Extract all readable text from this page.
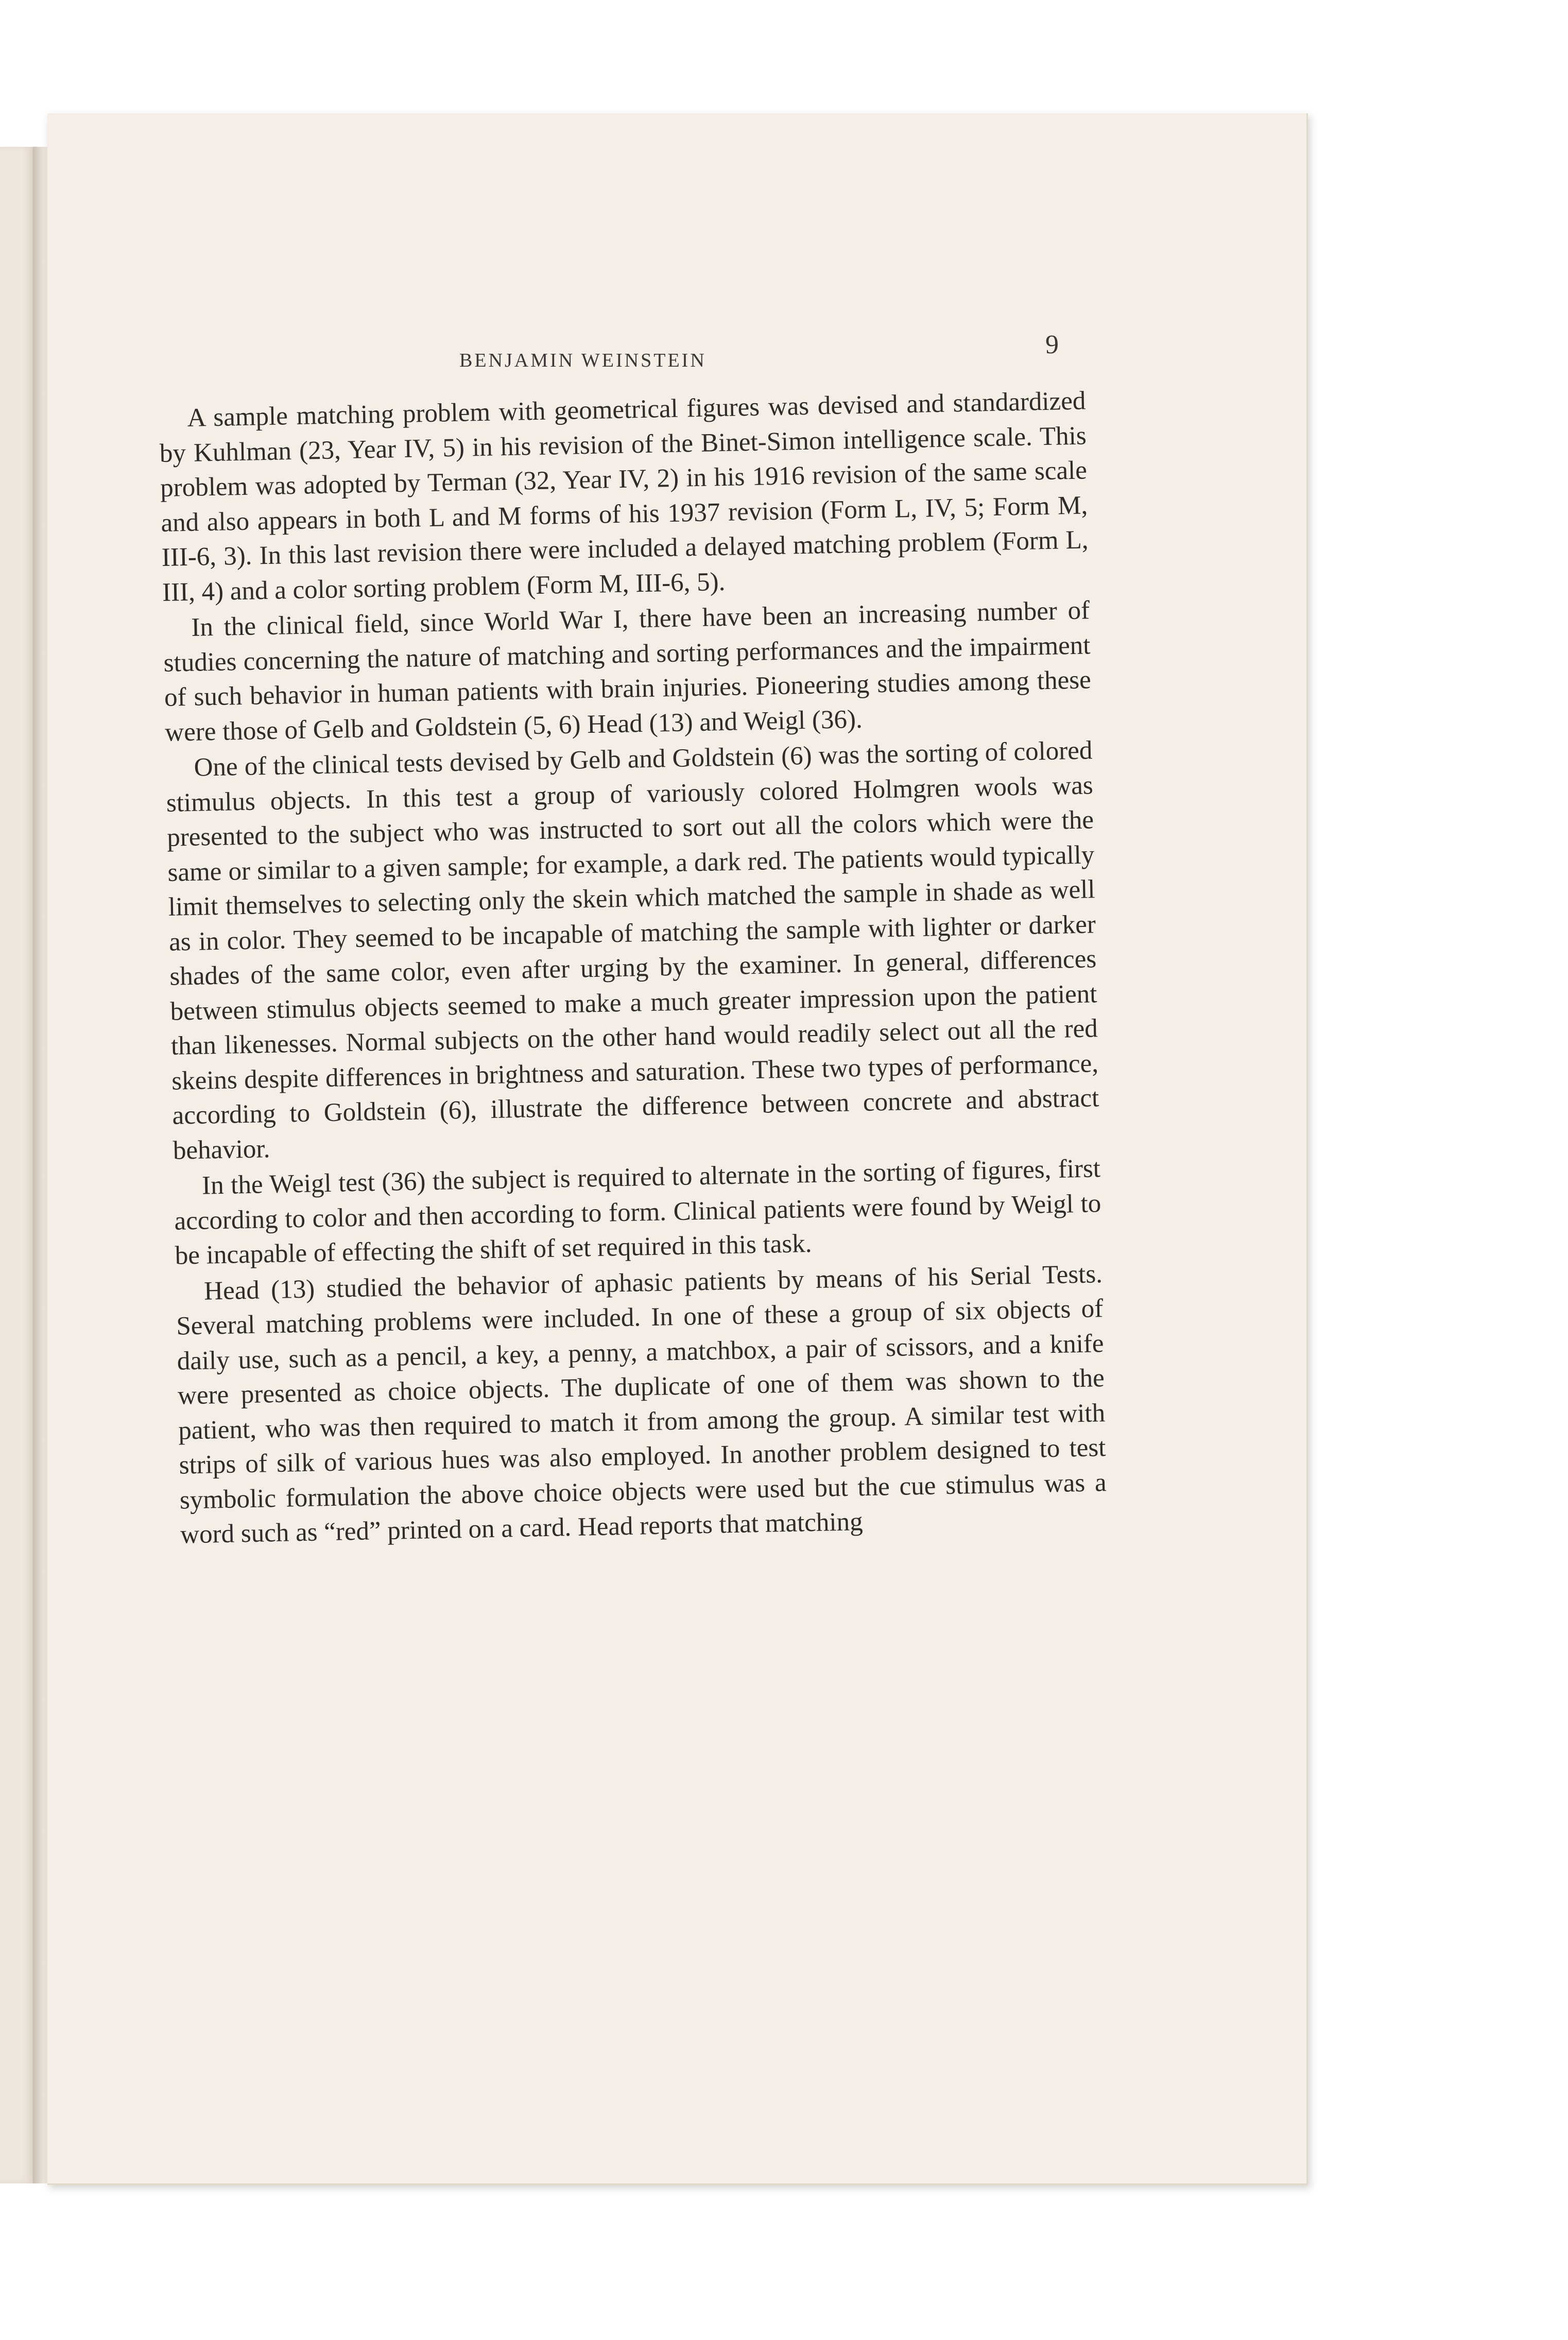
BENJAMIN WEINSTEIN
9

A sample matching problem with geometrical figures was devised and standardized by Kuhlman (23, Year IV, 5) in his revision of the Binet-Simon intelligence scale. This problem was adopted by Terman (32, Year IV, 2) in his 1916 revision of the same scale and also appears in both L and M forms of his 1937 revision (Form L, IV, 5; Form M, III-6, 3). In this last revision there were included a delayed matching problem (Form L, III, 4) and a color sorting problem (Form M, III-6, 5).

In the clinical field, since World War I, there have been an increasing number of studies concerning the nature of matching and sorting performances and the impairment of such behavior in human patients with brain injuries. Pioneering studies among these were those of Gelb and Goldstein (5, 6) Head (13) and Weigl (36).

One of the clinical tests devised by Gelb and Goldstein (6) was the sorting of colored stimulus objects. In this test a group of variously colored Holmgren wools was presented to the subject who was instructed to sort out all the colors which were the same or similar to a given sample; for example, a dark red. The patients would typically limit themselves to selecting only the skein which matched the sample in shade as well as in color. They seemed to be incapable of matching the sample with lighter or darker shades of the same color, even after urging by the examiner. In general, differences between stimulus objects seemed to make a much greater impression upon the patient than likenesses. Normal subjects on the other hand would readily select out all the red skeins despite differences in brightness and saturation. These two types of performance, according to Goldstein (6), illustrate the difference between concrete and abstract behavior.

In the Weigl test (36) the subject is required to alternate in the sorting of figures, first according to color and then according to form. Clinical patients were found by Weigl to be incapable of effecting the shift of set required in this task.

Head (13) studied the behavior of aphasic patients by means of his Serial Tests. Several matching problems were included. In one of these a group of six objects of daily use, such as a pencil, a key, a penny, a matchbox, a pair of scissors, and a knife were presented as choice objects. The duplicate of one of them was shown to the patient, who was then required to match it from among the group. A similar test with strips of silk of various hues was also employed. In another problem designed to test symbolic formulation the above choice objects were used but the cue stimulus was a word such as “red” printed on a card. Head reports that matching
